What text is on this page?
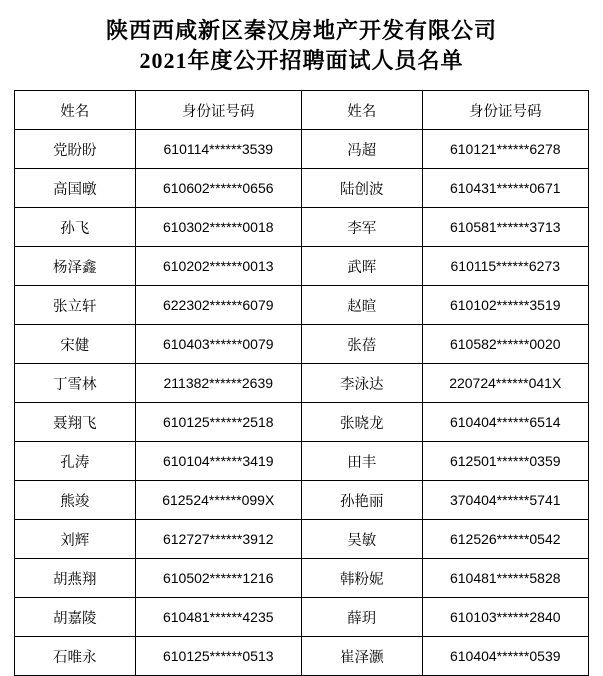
陕西西咸新区秦汉房地产开发有限公司
2021年度公开招聘面试人员名单
姓名	身份证号码	姓名	身份证号码
党盼盼	610114******3539	冯超	610121******6278
高国暾	610602******0656	陆创波	610431******0671
孙飞	610302******0018	李军	610581******3713
杨泽鑫	610202******0013	武晖	610115******6273
张立轩	622302******6079	赵暄	610102******3519
宋健	610403******0079	张蓓	610582******0020
丁雪林	211382******2639	李泳达	220724******041X
聂翔飞	610125******2518	张晓龙	610404******6514
孔涛	610104******3419	田丰	612501******0359
熊竣	612524******099X	孙艳丽	370404******5741
刘辉	612727******3912	吴敏	612526******0542
胡燕翔	610502******1216	韩粉妮	610481******5828
胡嘉陵	610481******4235	薛玥	610103******2840
石唯永	610125******0513	崔泽灏	610404******0539
